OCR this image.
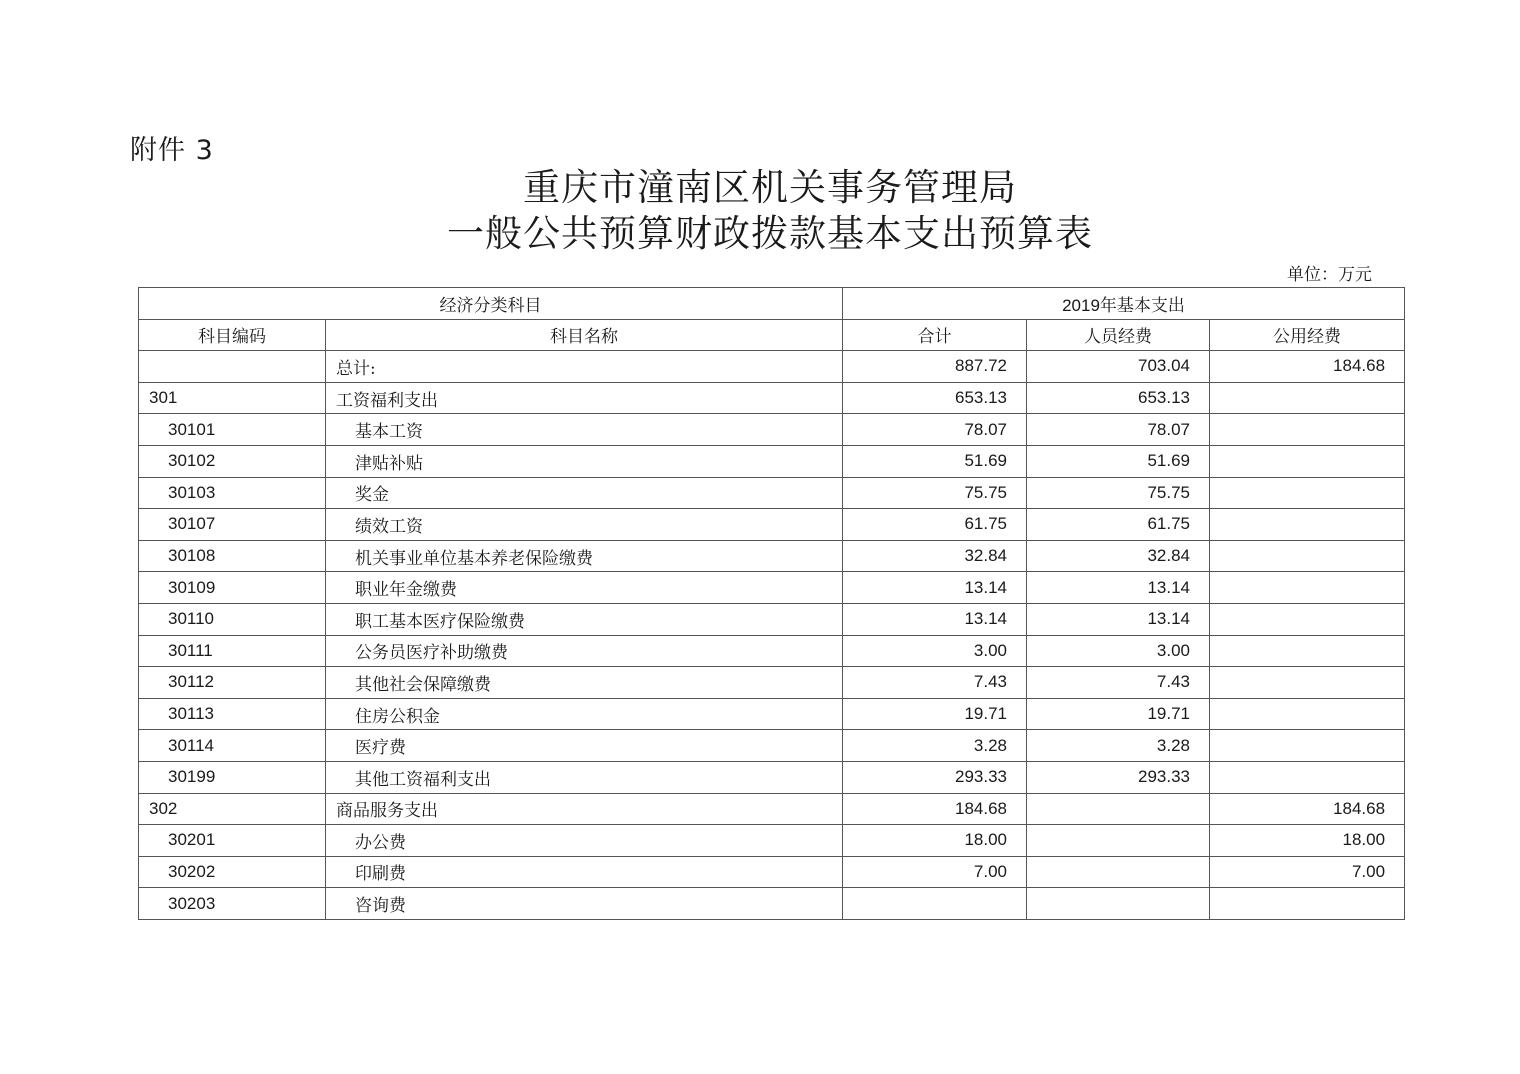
附件 3
重庆市潼南区机关事务管理局
一般公共预算财政拨款基本支出预算表
单位：万元
经济分类科目		2019年基本支出		
科目编码	科目名称	合计	人员经费	公用经费
	总计:	887.72	703.04	184.68
301	工资福利支出	653.13	653.13	
30101	基本工资	78.07	78.07	
30102	津贴补贴	51.69	51.69	
30103	奖金	75.75	75.75	
30107	绩效工资	61.75	61.75	
30108	机关事业单位基本养老保险缴费	32.84	32.84	
30109	职业年金缴费	13.14	13.14	
30110	职工基本医疗保险缴费	13.14	13.14	
30111	公务员医疗补助缴费	3.00	3.00	
30112	其他社会保障缴费	7.43	7.43	
30113	住房公积金	19.71	19.71	
30114	医疗费	3.28	3.28	
30199	其他工资福利支出	293.33	293.33	
302	商品服务支出	184.68		184.68
30201	办公费	18.00		18.00
30202	印刷费	7.00		7.00
30203	咨询费			
